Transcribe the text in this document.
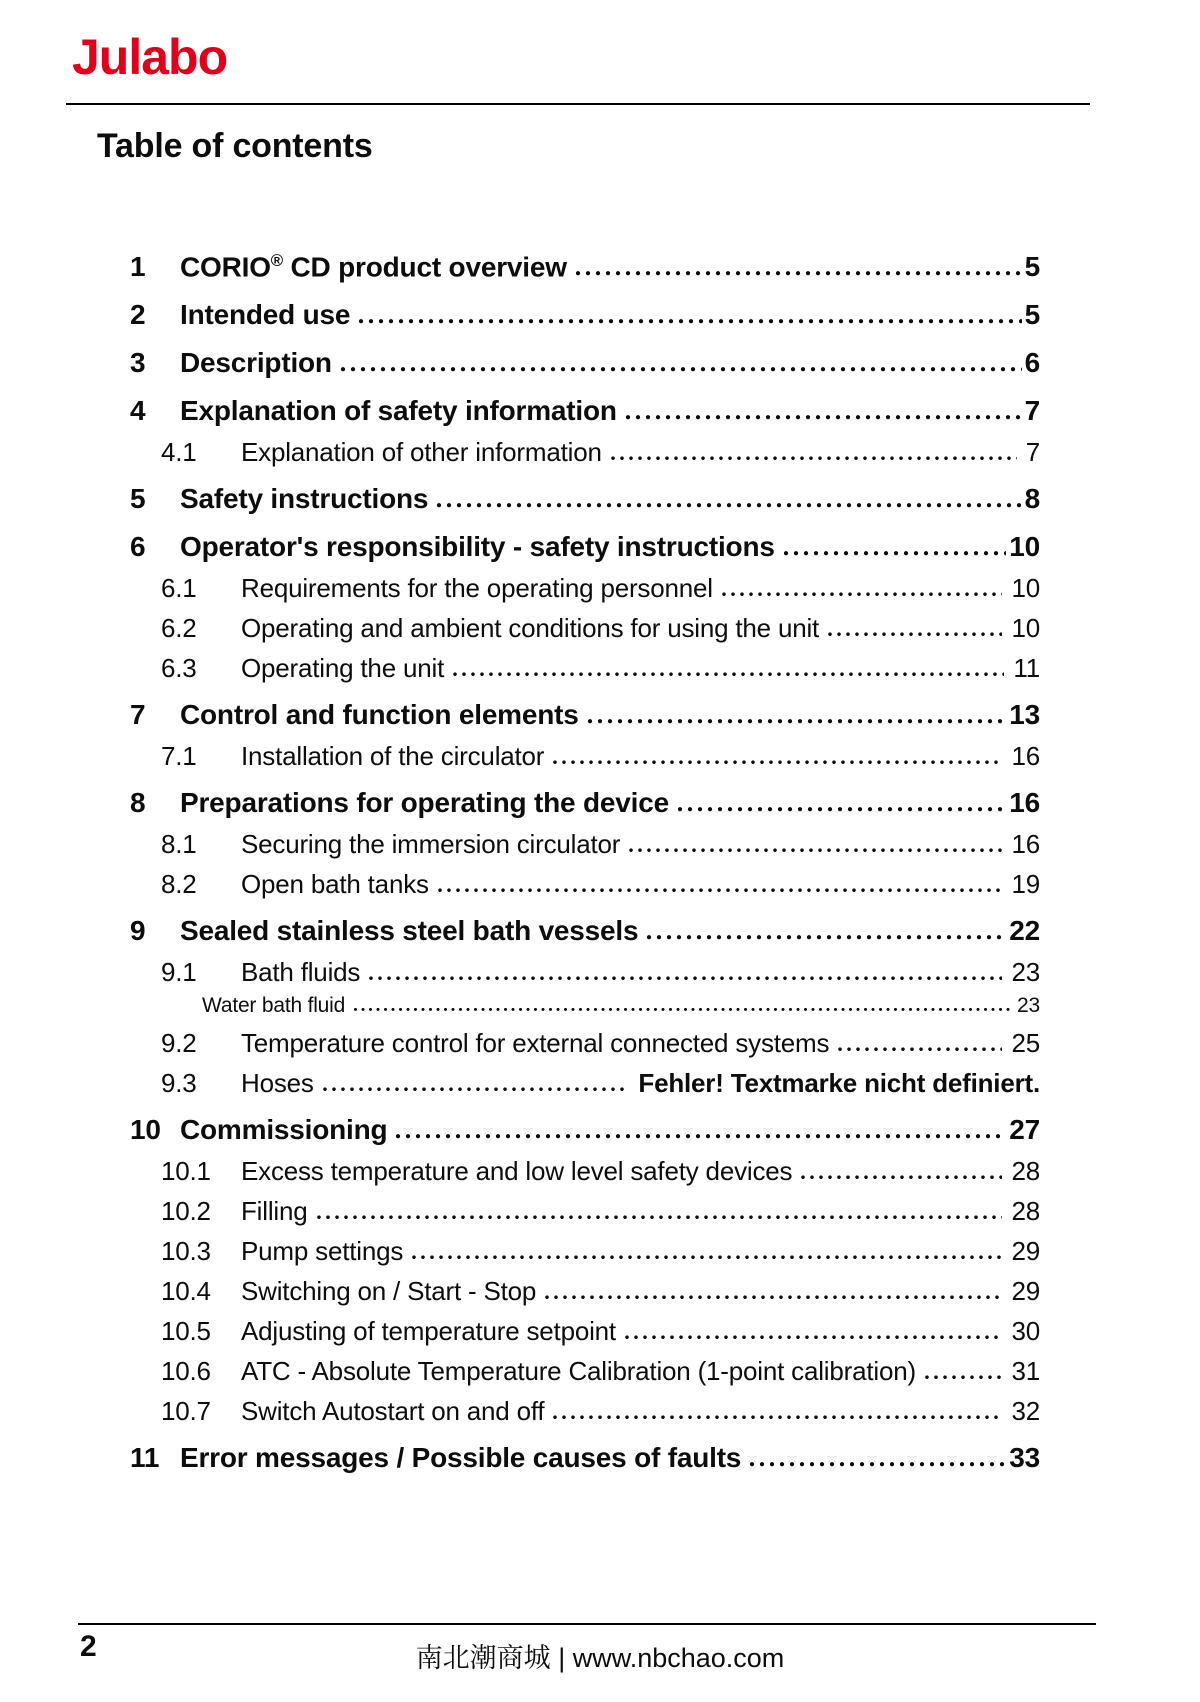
Julabo
Table of contents
1	CORIO® CD product overview	5
2	Intended use	5
3	Description	6
4	Explanation of safety information	7
4.1	Explanation of other information	7
5	Safety instructions	8
6	Operator's responsibility - safety instructions	10
6.1	Requirements for the operating personnel	10
6.2	Operating and ambient conditions for using the unit	10
6.3	Operating the unit	11
7	Control and function elements	13
7.1	Installation of the circulator	16
8	Preparations for operating the device	16
8.1	Securing the immersion circulator	16
8.2	Open bath tanks	19
9	Sealed stainless steel bath vessels	22
9.1	Bath fluids	23
Water bath fluid	23
9.2	Temperature control for external connected systems	25
9.3	Hoses	Fehler! Textmarke nicht definiert.
10 Commissioning	27
10.1	Excess temperature and low level safety devices	28
10.2	Filling	28
10.3	Pump settings	29
10.4	Switching on / Start - Stop	29
10.5	Adjusting of temperature setpoint	30
10.6	ATC - Absolute Temperature Calibration (1-point calibration)	31
10.7	Switch Autostart on and off	32
11 Error messages / Possible causes of faults	33
2	南北潮商城 | www.nbchao.com
